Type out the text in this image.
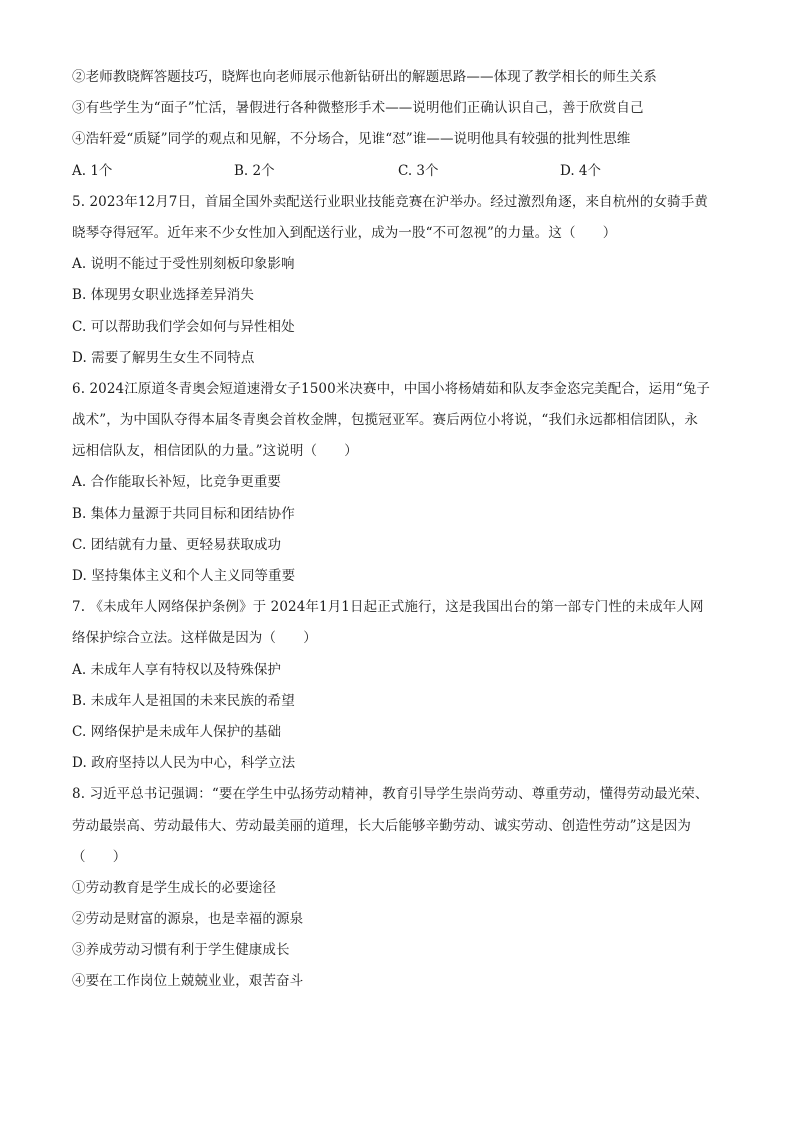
②老师教晓辉答题技巧，晓辉也向老师展示他新钻研出的解题思路——体现了教学相长的师生关系
③有些学生为“面子”忙活，暑假进行各种微整形手术——说明他们正确认识自己，善于欣赏自己
④浩轩爱“质疑”同学的观点和见解，不分场合，见谁“怼”谁——说明他具有较强的批判性思维
A. 1个	B. 2个	C. 3个	D. 4个
5. 2023年12月7日，首届全国外卖配送行业职业技能竞赛在沪举办。经过激烈角逐，来自杭州的女骑手黄
晓琴夺得冠军。近年来不少女性加入到配送行业，成为一股“不可忽视”的力量。这（　　）
A. 说明不能过于受性别刻板印象影响
B. 体现男女职业选择差异消失
C. 可以帮助我们学会如何与异性相处
D. 需要了解男生女生不同特点
6. 2024江原道冬青奥会短道速滑女子1500米决赛中，中国小将杨婧茹和队友李金恣完美配合，运用“兔子
战术”，为中国队夺得本届冬青奥会首枚金牌，包揽冠亚军。赛后两位小将说，“我们永远都相信团队，永
远相信队友，相信团队的力量。”这说明（　　）
A. 合作能取长补短，比竞争更重要
B. 集体力量源于共同目标和团结协作
C. 团结就有力量、更轻易获取成功
D. 坚持集体主义和个人主义同等重要
7. 《未成年人网络保护条例》于 2024年1月1日起正式施行，这是我国出台的第一部专门性的未成年人网
络保护综合立法。这样做是因为（　　）
A. 未成年人享有特权以及特殊保护
B. 未成年人是祖国的未来民族的希望
C. 网络保护是未成年人保护的基础
D. 政府坚持以人民为中心，科学立法
8. 习近平总书记强调：“要在学生中弘扬劳动精神，教育引导学生崇尚劳动、尊重劳动，懂得劳动最光荣、
劳动最崇高、劳动最伟大、劳动最美丽的道理，长大后能够辛勤劳动、诚实劳动、创造性劳动”这是因为
（　　）
①劳动教育是学生成长的必要途径
②劳动是财富的源泉，也是幸福的源泉
③养成劳动习惯有利于学生健康成长
④要在工作岗位上兢兢业业，艰苦奋斗
